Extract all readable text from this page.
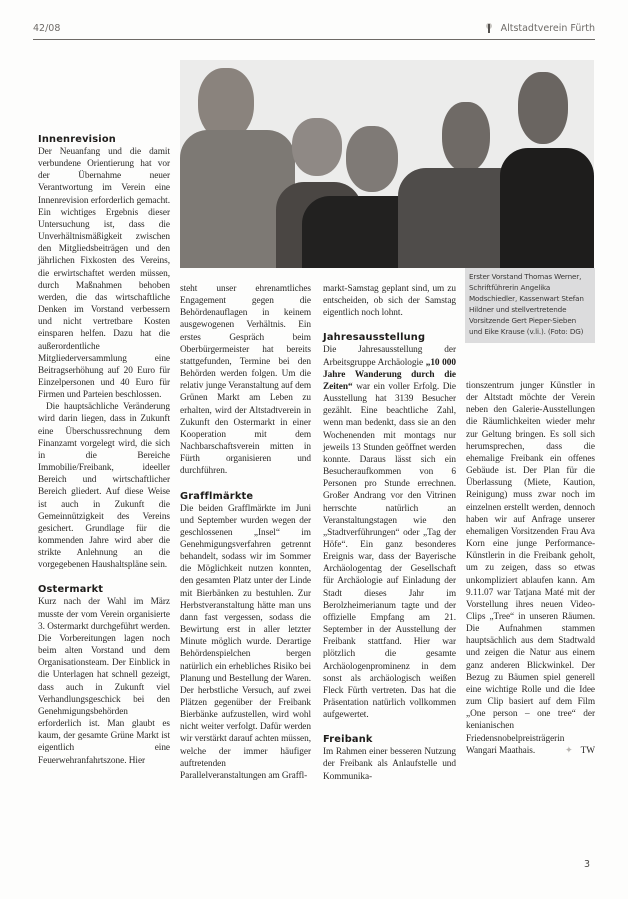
42/08	Altstadtverein Fürth
Erster Vorstand Thomas Werner, Schriftführerin Angelika Modschiedler, Kassenwart Stefan Hildner und stellvertretende Vorsitzende Gert Pieper-Sieben und Eike Krause (v.li.). (Foto: DG)
Innenrevision

Der Neuanfang und die damit verbundene Orientierung hat vor der Übernahme neuer Verantwortung im Verein eine Innenrevision erforderlich gemacht. Ein wichtiges Ergebnis dieser Untersuchung ist, dass die Unverhältnismäßigkeit zwischen den Mitgliedsbeiträgen und den jährlichen Fixkosten des Vereins, die erwirtschaftet werden müssen, durch Maßnahmen behoben werden, die das wirtschaftliche Denken im Vorstand verbessern und nicht vertretbare Kosten einsparen helfen. Dazu hat die außerordentliche Mitgliederversammlung eine Beitragserhöhung auf 20 Euro für Einzelpersonen und 40 Euro für Firmen und Parteien beschlossen.

Die hauptsächliche Veränderung wird darin liegen, dass in Zukunft eine Überschussrechnung dem Finanzamt vorgelegt wird, die sich in die Bereiche Immobilie/Freibank, ideeller Bereich und wirtschaftlicher Bereich gliedert. Auf diese Weise ist auch in Zukunft die Gemeinnützigkeit des Vereins gesichert. Grundlage für die kommenden Jahre wird aber die strikte Anlehnung an die vorgegebenen Haushaltspläne sein.

Ostermarkt

Kurz nach der Wahl im März musste der vom Verein organisierte 3. Ostermarkt durchgeführt werden. Die Vorbereitungen lagen noch beim alten Vorstand und dem Organisationsteam. Der Einblick in die Unterlagen hat schnell gezeigt, dass auch in Zukunft viel Verhandlungsgeschick bei den Genehmigungsbehörden erforderlich ist. Man glaubt es kaum, der gesamte Grüne Markt ist eigentlich eine Feuerwehranfahrtszone. Hier

steht unser ehrenamtliches Engagement gegen die Behördenauflagen in keinem ausgewogenen Verhältnis. Ein erstes Gespräch beim Oberbürgermeister hat bereits stattgefunden, Termine bei den Behörden werden folgen. Um die relativ junge Veranstaltung auf dem Grünen Markt am Leben zu erhalten, wird der Altstadtverein in Zukunft den Ostermarkt in einer Kooperation mit dem Nachbarschaftsverein mitten in Fürth organisieren und durchführen.

Grafflmärkte

Die beiden Grafflmärkte im Juni und September wurden wegen der geschlossenen „Insel“ im Genehmigungsverfahren getrennt behandelt, sodass wir im Sommer die Möglichkeit nutzen konnten, den gesamten Platz unter der Linde mit Bierbänken zu bestuhlen. Zur Herbstveranstaltung hätte man uns dann fast vergessen, sodass die Bewirtung erst in aller letzter Minute möglich wurde. Derartige Behördenspielchen bergen natürlich ein erhebliches Risiko bei Planung und Bestellung der Waren. Der herbstliche Versuch, auf zwei Plätzen gegenüber der Freibank Bierbänke aufzustellen, wird wohl nicht weiter verfolgt. Dafür werden wir verstärkt darauf achten müssen, welche der immer häufiger auftretenden Parallelveranstaltungen am Graffl-

markt-Samstag geplant sind, um zu entscheiden, ob sich der Samstag eigentlich noch lohnt.

Jahresausstellung

Die Jahresausstellung der Arbeitsgruppe Archäologie „10 000 Jahre Wanderung durch die Zeiten“ war ein voller Erfolg. Die Ausstellung hat 3139 Besucher gezählt. Eine beachtliche Zahl, wenn man bedenkt, dass sie an den Wochenenden mit montags nur jeweils 13 Stunden geöffnet werden konnte. Daraus lässt sich ein Besucheraufkommen von 6 Personen pro Stunde errechnen. Großer Andrang vor den Vitrinen herrschte natürlich an Veranstaltungstagen wie den „Stadtverführungen“ oder „Tag der Höfe“. Ein ganz besonderes Ereignis war, dass der Bayerische Archäologentag der Gesellschaft für Archäologie auf Einladung der Stadt dieses Jahr im Berolzheimerianum tagte und der offizielle Empfang am 21. September in der Ausstellung der Freibank stattfand. Hier war plötzlich die gesamte Archäologenprominenz in dem sonst als archäologisch weißen Fleck Fürth vertreten. Das hat die Präsentation natürlich vollkommen aufgewertet.

Freibank

Im Rahmen einer besseren Nutzung der Freibank als Anlaufstelle und Kommunika-

tionszentrum junger Künstler in der Altstadt möchte der Verein neben den Galerie-Ausstellungen die Räumlichkeiten wieder mehr zur Geltung bringen. Es soll sich herumsprechen, dass die ehemalige Freibank ein offenes Gebäude ist. Der Plan für die Überlassung (Miete, Kaution, Reinigung) muss zwar noch im einzelnen erstellt werden, dennoch haben wir auf Anfrage unserer ehemaligen Vorsitzenden Frau Ava Korn eine junge Performance-Künstlerin in die Freibank geholt, um zu zeigen, dass so etwas unkompliziert ablaufen kann. Am 9.11.07 war Tatjana Maté mit der Vorstellung ihres neuen Video-Clips „Tree“ in unseren Räumen. Die Aufnahmen stammen hauptsächlich aus dem Stadtwald und zeigen die Natur aus einem ganz anderen Blickwinkel. Der Bezug zu Bäumen spiel generell eine wichtige Rolle und die Idee zum Clip basiert auf dem Film „One person – one tree“ der kenianischen Friedensnobelpreisträgerin Wangari Maathais.	✦ TW

3
